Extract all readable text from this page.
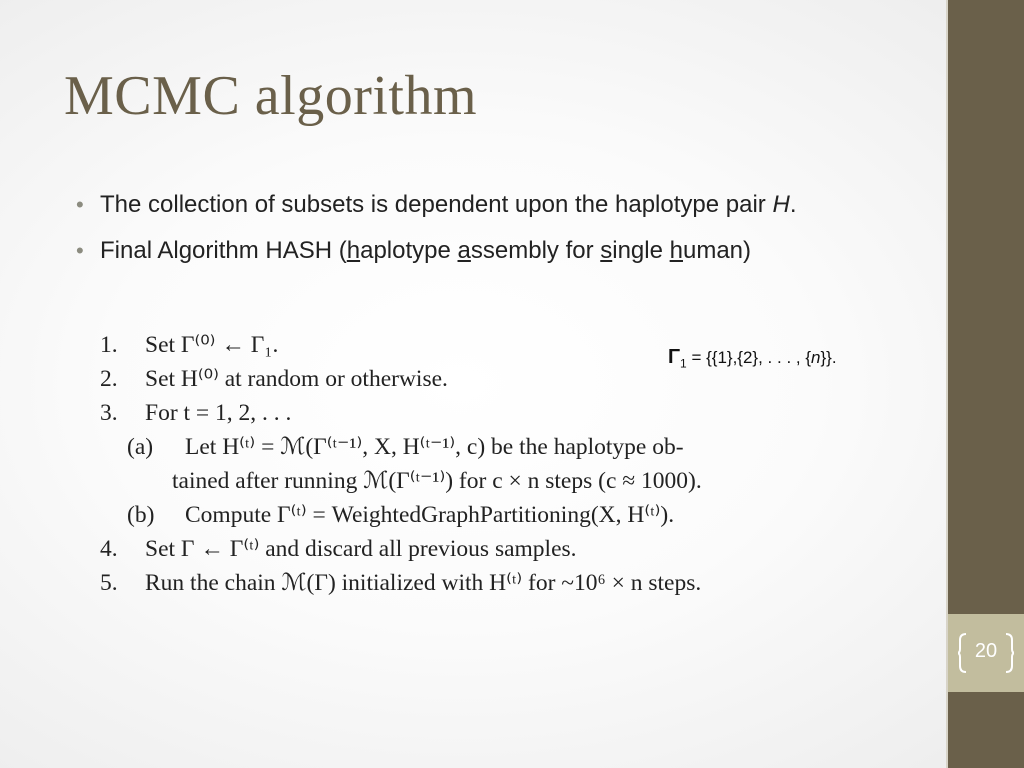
20
MCMC algorithm
• The collection of subsets is dependent upon the haplotype pair H.
• Final Algorithm HASH (haplotype assembly for single human)
$\Gamma_1 = \{\{1\},\{2\}$, . . . , {n}}.
1. Set Γ⁽⁰⁾ ← Γ₁.
2. Set H⁽⁰⁾ at random or otherwise.
3. For t = 1, 2, . . .
(a) Let H⁽ᵗ⁾ = ℳ(Γ⁽ᵗ⁻¹⁾, X, H⁽ᵗ⁻¹⁾, c) be the haplotype ob-
tained after running ℳ(Γ⁽ᵗ⁻¹⁾) for c × n steps (c ≈ 1000).
(b) Compute Γ⁽ᵗ⁾ = WeightedGraphPartitioning(X, H⁽ᵗ⁾).
4. Set Γ ← Γ⁽ᵗ⁾ and discard all previous samples.
5. Run the chain ℳ(Γ) initialized with H⁽ᵗ⁾ for ~10⁶ × n steps.
